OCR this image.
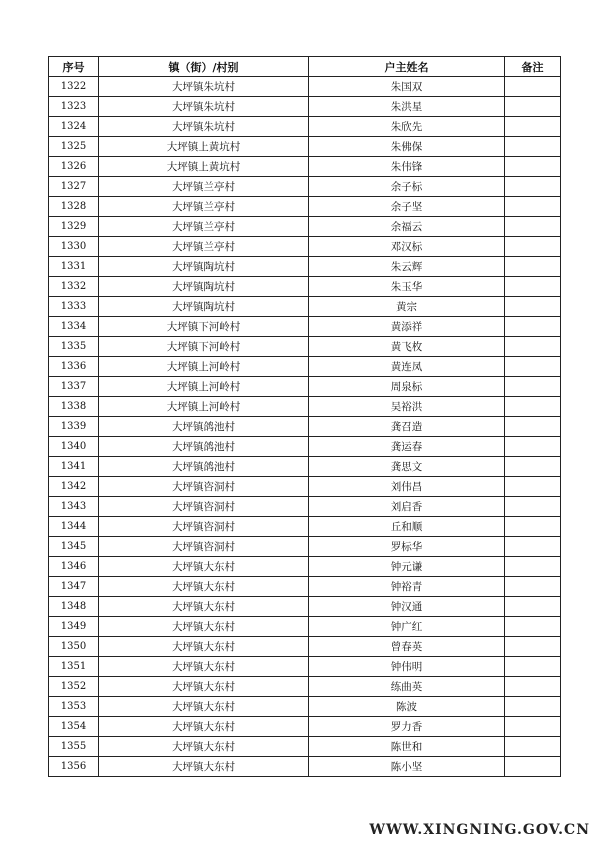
序号	镇（街）/村别	户主姓名	备注
1322	大坪镇朱坑村	朱国双	
1323	大坪镇朱坑村	朱洪星	
1324	大坪镇朱坑村	朱欣先	
1325	大坪镇上黄坑村	朱佛保	
1326	大坪镇上黄坑村	朱伟锋	
1327	大坪镇兰亭村	余子标	
1328	大坪镇兰亭村	余子坚	
1329	大坪镇兰亭村	余福云	
1330	大坪镇兰亭村	邓汉标	
1331	大坪镇陶坑村	朱云辉	
1332	大坪镇陶坑村	朱玉华	
1333	大坪镇陶坑村	黄宗	
1334	大坪镇下河岭村	黄添祥	
1335	大坪镇下河岭村	黄飞枚	
1336	大坪镇上河岭村	黄连凤	
1337	大坪镇上河岭村	周泉标	
1338	大坪镇上河岭村	吴裕洪	
1339	大坪镇鸽池村	龚召造	
1340	大坪镇鸽池村	龚运春	
1341	大坪镇鸽池村	龚思文	
1342	大坪镇咨洞村	刘伟昌	
1343	大坪镇咨洞村	刘启香	
1344	大坪镇咨洞村	丘和顺	
1345	大坪镇咨洞村	罗标华	
1346	大坪镇大东村	钟元谦	
1347	大坪镇大东村	钟裕青	
1348	大坪镇大东村	钟汉通	
1349	大坪镇大东村	钟广红	
1350	大坪镇大东村	曾春英	
1351	大坪镇大东村	钟伟明	
1352	大坪镇大东村	练曲英	
1353	大坪镇大东村	陈波	
1354	大坪镇大东村	罗力香	
1355	大坪镇大东村	陈世和	
1356	大坪镇大东村	陈小坚	
WWW.XINGNING.GOV.CN
